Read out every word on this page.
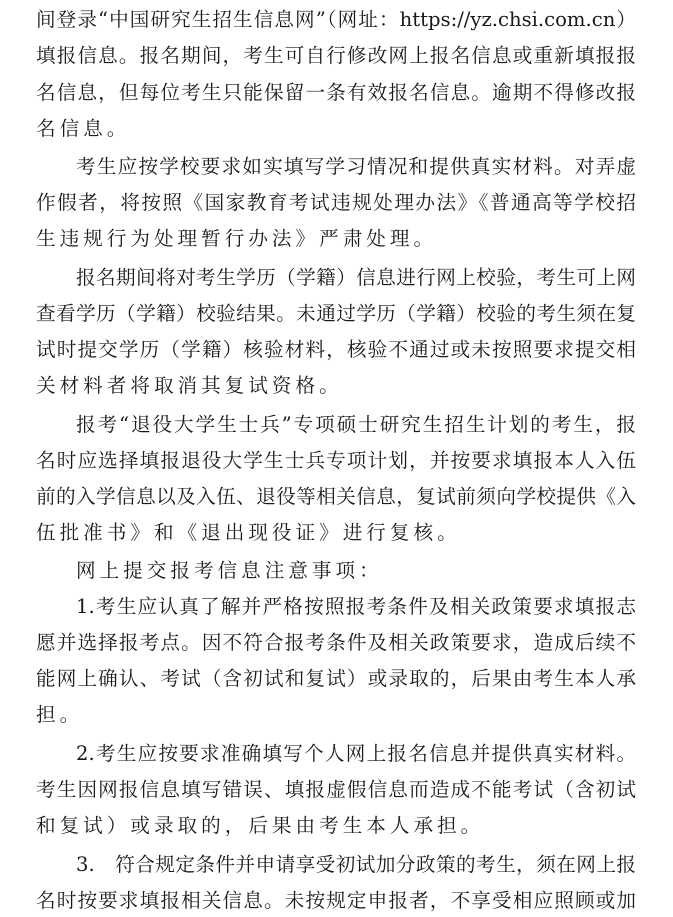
间登录“中国研究生招生信息网”（网址：https://yz.chsi.com.cn）
填报信息。报名期间，考生可自行修改网上报名信息或重新填报报
名信息，但每位考生只能保留一条有效报名信息。逾期不得修改报
名信息。
考生应按学校要求如实填写学习情况和提供真实材料。对弄虚
作假者，将按照《国家教育考试违规处理办法》《普通高等学校招
生违规行为处理暂行办法》严肃处理。
报名期间将对考生学历（学籍）信息进行网上校验，考生可上网
查看学历（学籍）校验结果。未通过学历（学籍）校验的考生须在复
试时提交学历（学籍）核验材料，核验不通过或未按照要求提交相
关材料者将取消其复试资格。
报考“退役大学生士兵”专项硕士研究生招生计划的考生，报
名时应选择填报退役大学生士兵专项计划，并按要求填报本人入伍
前的入学信息以及入伍、退役等相关信息，复试前须向学校提供《入
伍批准书》和《退出现役证》进行复核。
网上提交报考信息注意事项：
1.考生应认真了解并严格按照报考条件及相关政策要求填报志
愿并选择报考点。因不符合报考条件及相关政策要求，造成后续不
能网上确认、考试（含初试和复试）或录取的，后果由考生本人承
担。
2.考生应按要求准确填写个人网上报名信息并提供真实材料。
考生因网报信息填写错误、填报虚假信息而造成不能考试（含初试
和复试）或录取的，后果由考生本人承担。
3.　符合规定条件并申请享受初试加分政策的考生，须在网上报
名时按要求填报相关信息。未按规定申报者，不享受相应照顾或加
